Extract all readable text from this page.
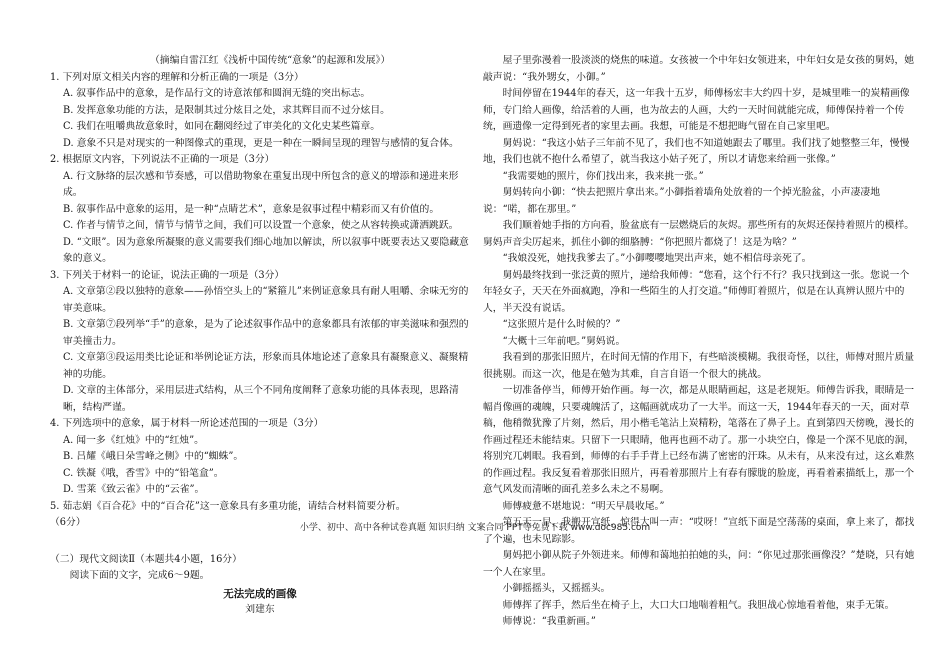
（摘编自雷江红《浅析中国传统“意象”的起源和发展》）

1. 下列对原文相关内容的理解和分析正确的一项是（3分）

A. 叙事作品中的意象，是作品行文的诗意浓郁和圆润无缝的突出标志。

B. 发挥意象功能的方法，是限制其过分炫目之处，求其辉目而不过分炫目。

C. 我们在咀嚼典故意象时，如同在翻阅经过了审美化的文化史某些篇章。

D. 意象不只是对现实的一种图像式的重现，更是一种在一瞬间呈现的理智与感情的复合体。

2. 根据原文内容，下列说法不正确的一项是（3分）

A. 行文脉络的层次感和节奏感，可以借助物象在重复出现中所包含的意义的增添和递进来形成。

B. 叙事作品中意象的运用，是一种“点睛艺术”，意象是叙事过程中精彩而又有价值的。

C. 作者与情节之间，情节与情节之间，我们可以设置一个意象，使之从容转换或潇洒跳跃。

D. “文眼”。因为意象所凝聚的意义需要我们细心地加以解读，所以叙事中既要表达又要隐藏意象的意义。

3. 下列关于材料一的论证，说法正确的一项是（3分）

A. 文章第②段以独特的意象——孙悟空头上的“紧箍儿”来例证意象具有耐人咀嚼、余味无穷的审美意味。

B. 文章第⑦段列举“手”的意象，是为了论述叙事作品中的意象都具有浓郁的审美滋味和强烈的审美撞击力。

C. 文章第③段运用类比论证和举例论证方法，形象而具体地论述了意象具有凝聚意义、凝聚精神的功能。

D. 文章的主体部分，采用层进式结构，从三个不同角度阐释了意象功能的具体表现，思路清晰，结构严谨。

4. 下列选项中的意象，属于材料一所论述范围的一项是（3分）

A. 闻一多《红烛》中的“红烛”。

B. 吕耀《峨日朵雪峰之侧》中的“蜘蛛”。

C. 铁凝《哦，香雪》中的“铅笔盒”。

D. 雪莱《致云雀》中的“云雀”。

5. 茹志娟《百合花》中的“百合花”这一意象具有多重功能，请结合材料简要分析。

（6分）

（二）现代文阅读Ⅱ（本题共4小题，16分）

阅读下面的文字，完成6～9题。

无法完成的画像

刘建东

屋子里弥漫着一股淡淡的烧焦的味道。女孩被一个中年妇女领进来，中年妇女是女孩的舅妈，她敲声说：“我外甥女，小御。”

时间停留在1944年的春天，这一年我十五岁，师傅杨宏丰大约四十岁，是城里唯一的炭精画像师，专门给人画像，给活着的人画，也为故去的人画，大约一天时间就能完成，师傅保持着一个传统，画遗像一定得到死者的家里去画。我想，可能是不想把晦气留在自己家里吧。

舅妈说：“我这小姑子三年前不见了，我们也不知道她跟去了哪里。我们找了她整整三年，慢慢地，我们也就不抱什么希望了，就当我这小姑子死了，所以才请您来给画一张像。”

“我需要她的照片，你们找出来，我来挑一张。”

舅妈转向小御：“快去把照片拿出来。”小御指着墙角处放着的一个掉光脸盆，小声凄凄地说：“喏，都在那里。”

我们顺着她手指的方向看，脸盆底有一层燃烧后的灰烬。那些所有的灰烬还保持着照片的模样。舅妈声音尖厉起来，抓住小御的细胳膊：“你把照片都烧了！这是为啥？”

“我娘没死，她找我爹去了。”小御嘤嘤地哭出声来，她不相信母亲死了。

舅妈最终找到一张泛黄的照片，递给我师傅：“您看，这个行不行？我只找到这一张。您说一个年轻女子，天天在外面疯跑，净和一些陌生的人打交道。”师傅盯着照片，似是在认真辨认照片中的人，半天没有说话。

“这张照片是什么时候的？”

“大概十三年前吧。”舅妈说。

我看到的那张旧照片，在时间无情的作用下，有些暗淡模糊。我很奇怪，以往，师傅对照片质量很挑剔。而这一次，他是在勉为其难，自言自语一个很大的挑战。

一切准备停当，师傅开始作画。每一次，都是从眼睛画起，这是老规矩。师傅告诉我，眼睛是一幅肖像画的魂魄，只要魂魄活了，这幅画就成功了一大半。而这一天，1944年春天的一天，面对草稿，他稍微犹豫了片刻，然后，用小楷毛笔沾上炭精粉，笔落在了鼻子上。直到第四天傍晚，漫长的作画过程还未能结束。只留下一只眼睛，他再也画不动了。那一小块空白，像是一个深不见底的洞，将别究兀刺眼。我看到，师傅的右手手背上已经布满了密密的汗珠。从未有，从来没有过，这幺难熬的作画过程。我反复看着那张旧照片，再看着那照片上有春有朦胧的脸庞，再看着素描纸上，那一个意气风发而清晰的面孔差多么未之不易啊。

师傅疲惫不堪地说：“明天早晨收尾。”

第五天一早，我搬开宣纸，惊得大叫一声：“哎呀！”宣纸下面是空荡荡的桌面，拿上来了，都找了个遍，也未见踪影。

舅妈把小御从院子外领进来。师傅和蔼地拍拍她的头，问：“你见过那张画像没？”楚晓，只有她一个人在家里。

小御摇摇头，又摇摇头。

师傅挥了挥手，然后坐在椅子上，大口大口地喘着粗气。我胆战心惊地看着他，束手无策。

师傅说：“我重新画。”

小学、初中、高中各种试卷真题 知识归纳 文案合同 PPT等免费下载 www.doc985.com
